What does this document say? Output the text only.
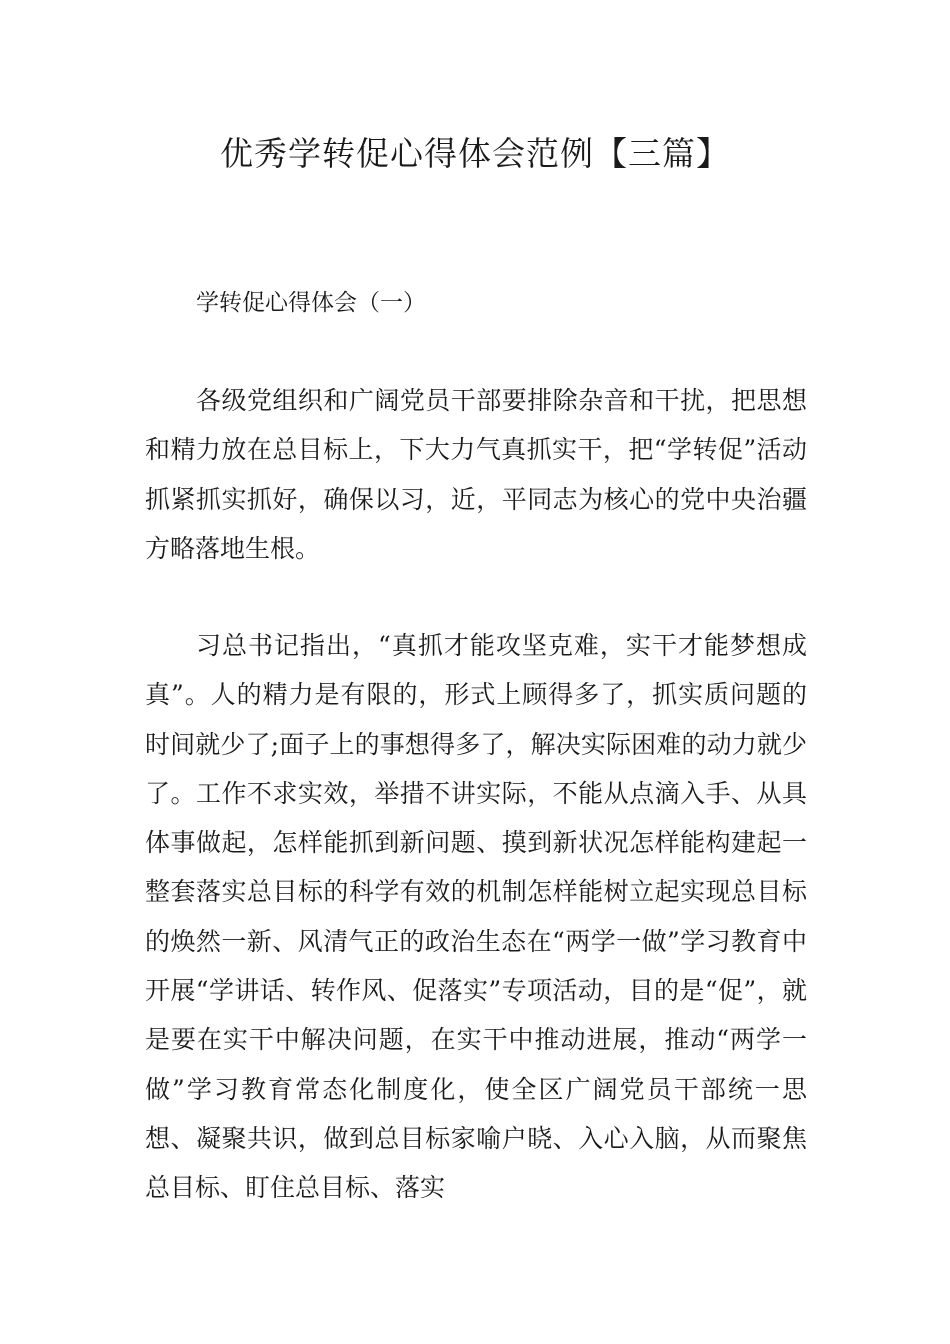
优秀学转促心得体会范例【三篇】

学转促心得体会（一）

各级党组织和广阔党员干部要排除杂音和干扰，把思想和精力放在总目标上，下大力气真抓实干，把“学转促”活动抓紧抓实抓好，确保以习，近，平同志为核心的党中央治疆方略落地生根。

习总书记指出，“真抓才能攻坚克难，实干才能梦想成真”。人的精力是有限的，形式上顾得多了，抓实质问题的时间就少了;面子上的事想得多了，解决实际困难的动力就少了。工作不求实效，举措不讲实际，不能从点滴入手、从具体事做起，怎样能抓到新问题、摸到新状况怎样能构建起一整套落实总目标的科学有效的机制怎样能树立起实现总目标的焕然一新、风清气正的政治生态在“两学一做”学习教育中开展“学讲话、转作风、促落实”专项活动，目的是“促”，就是要在实干中解决问题，在实干中推动进展，推动“两学一做”学习教育常态化制度化，使全区广阔党员干部统一思想、凝聚共识，做到总目标家喻户晓、入心入脑，从而聚焦总目标、盯住总目标、落实
